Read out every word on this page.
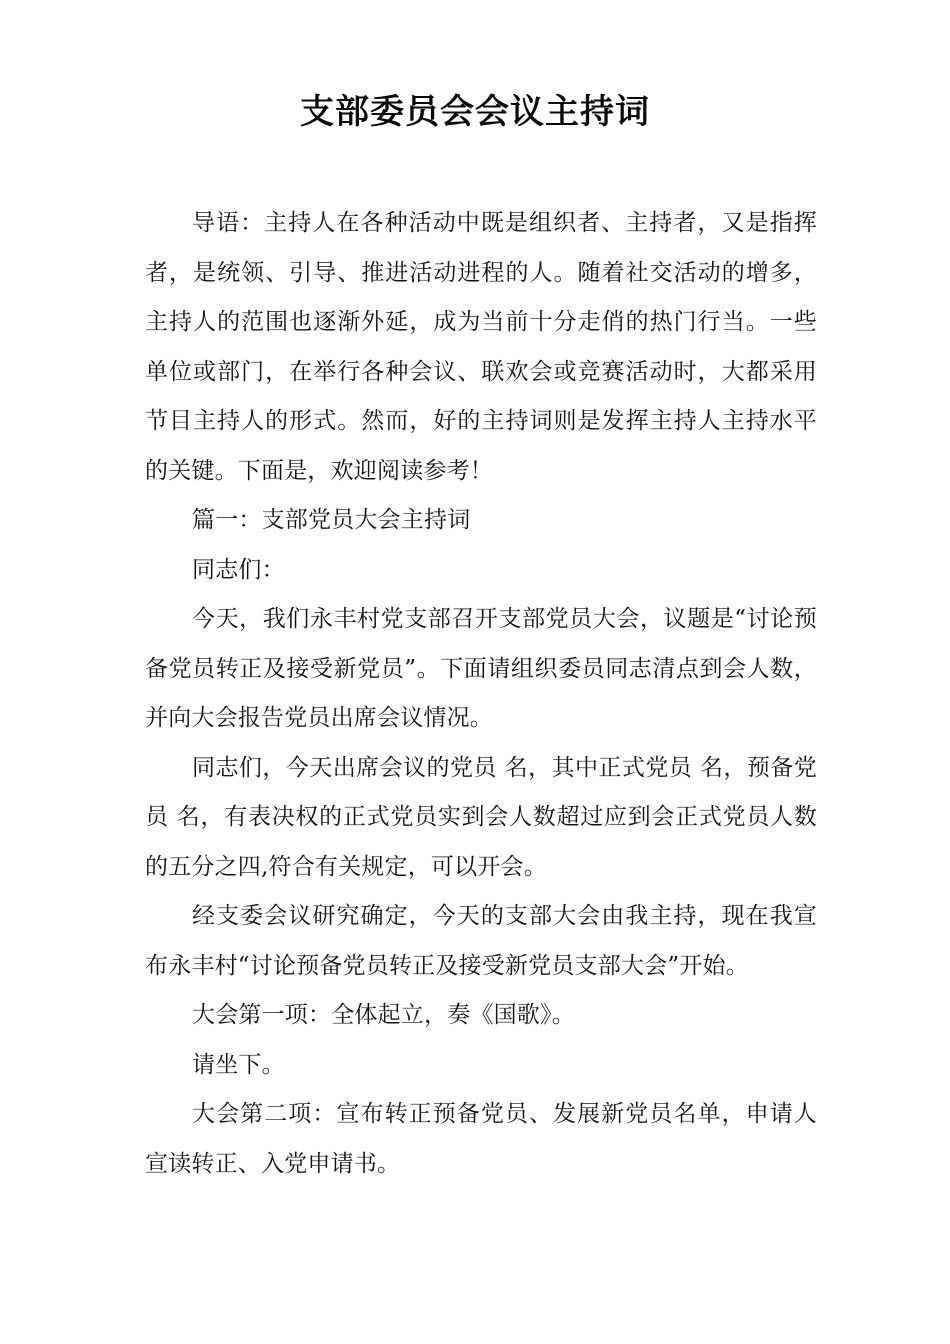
支部委员会会议主持词

导语：主持人在各种活动中既是组织者、主持者，又是指挥者，是统领、引导、推进活动进程的人。随着社交活动的增多，主持人的范围也逐渐外延，成为当前十分走俏的热门行当。一些单位或部门，在举行各种会议、联欢会或竞赛活动时，大都采用节目主持人的形式。然而，好的主持词则是发挥主持人主持水平的关键。下面是，欢迎阅读参考！

篇一：支部党员大会主持词

同志们：

今天，我们永丰村党支部召开支部党员大会，议题是“讨论预备党员转正及接受新党员”。下面请组织委员同志清点到会人数，并向大会报告党员出席会议情况。

同志们，今天出席会议的党员 名，其中正式党员 名，预备党员 名，有表决权的正式党员实到会人数超过应到会正式党员人数的五分之四,符合有关规定，可以开会。

经支委会议研究确定，今天的支部大会由我主持，现在我宣布永丰村“讨论预备党员转正及接受新党员支部大会”开始。

大会第一项：全体起立，奏《国歌》。

请坐下。

大会第二项：宣布转正预备党员、发展新党员名单，申请人宣读转正、入党申请书。
